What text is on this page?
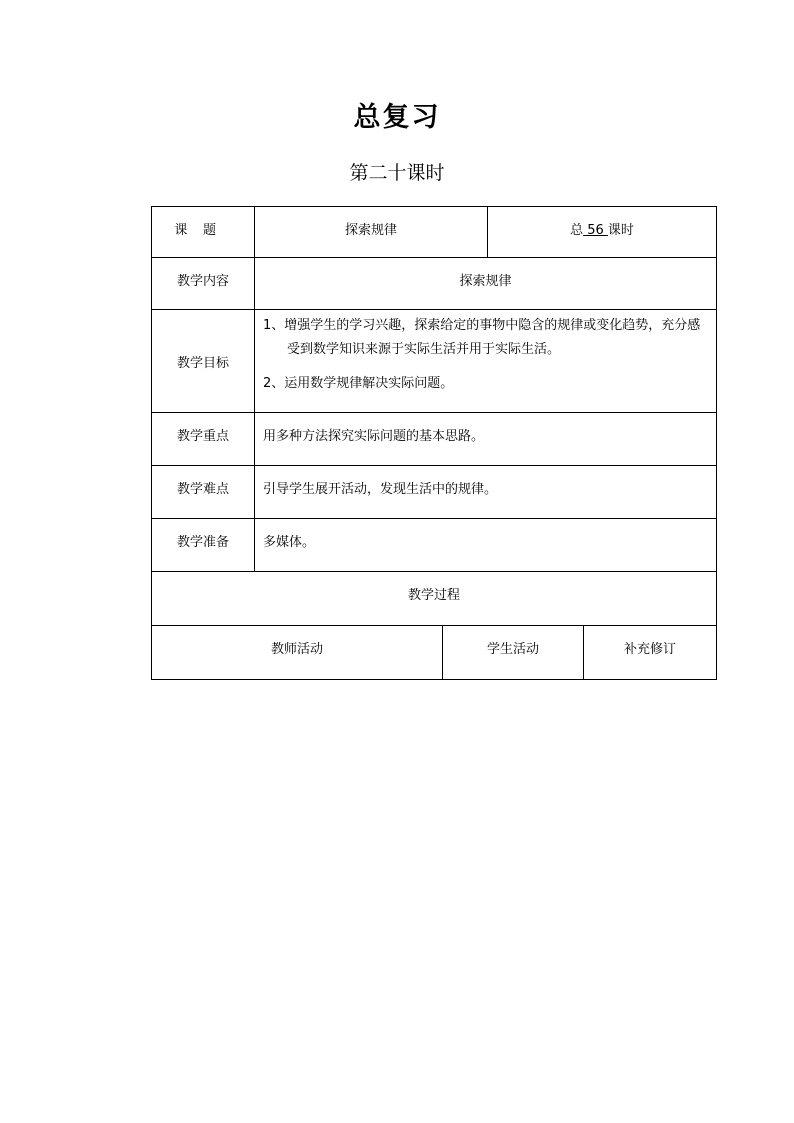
总复习
第二十课时
课题	探索规律		总 56 课时	
教学内容	探索规律			
教学目标	1、增强学生的学习兴趣，探索给定的事物中隐含的规律或变化趋势，充分感受到数学知识来源于实际生活并用于实际生活。

2、运用数学规律解决实际问题。			

教学重点	用多种方法探究实际问题的基本思路。			
教学难点	引导学生展开活动，发现生活中的规律。			
教学准备	多媒体。			
教学过程				
教师活动		学生活动		补充修订
